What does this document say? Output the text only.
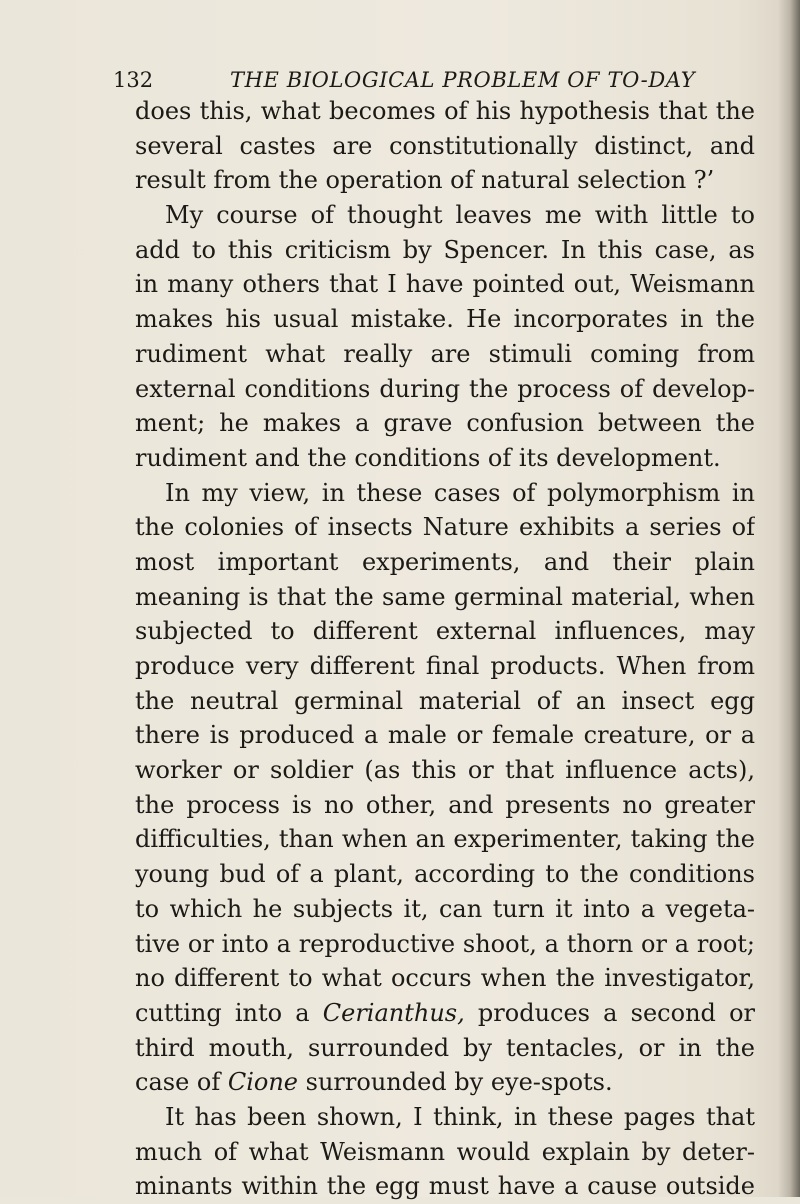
132	THE BIOLOGICAL PROBLEM OF TO-DAY
does this, what becomes of his hypothesis that the
several castes are constitutionally distinct, and
result from the operation of natural selection ?’
My course of thought leaves me with little to
add to this criticism by Spencer. In this case, as
in many others that I have pointed out, Weismann
makes his usual mistake. He incorporates in the
rudiment what really are stimuli coming from
external conditions during the process of develop-
ment; he makes a grave confusion between the
rudiment and the conditions of its development.
In my view, in these cases of polymorphism in
the colonies of insects Nature exhibits a series of
most important experiments, and their plain
meaning is that the same germinal material, when
subjected to different external influences, may
produce very different final products. When from
the neutral germinal material of an insect egg
there is produced a male or female creature, or a
worker or soldier (as this or that influence acts),
the process is no other, and presents no greater
difficulties, than when an experimenter, taking the
young bud of a plant, according to the conditions
to which he subjects it, can turn it into a vegeta-
tive or into a reproductive shoot, a thorn or a root;
no different to what occurs when the investigator,
cutting into a Cerianthus, produces a second or
third mouth, surrounded by tentacles, or in the
case of Cione surrounded by eye-spots.
It has been shown, I think, in these pages that
much of what Weismann would explain by deter-
minants within the egg must have a cause outside
